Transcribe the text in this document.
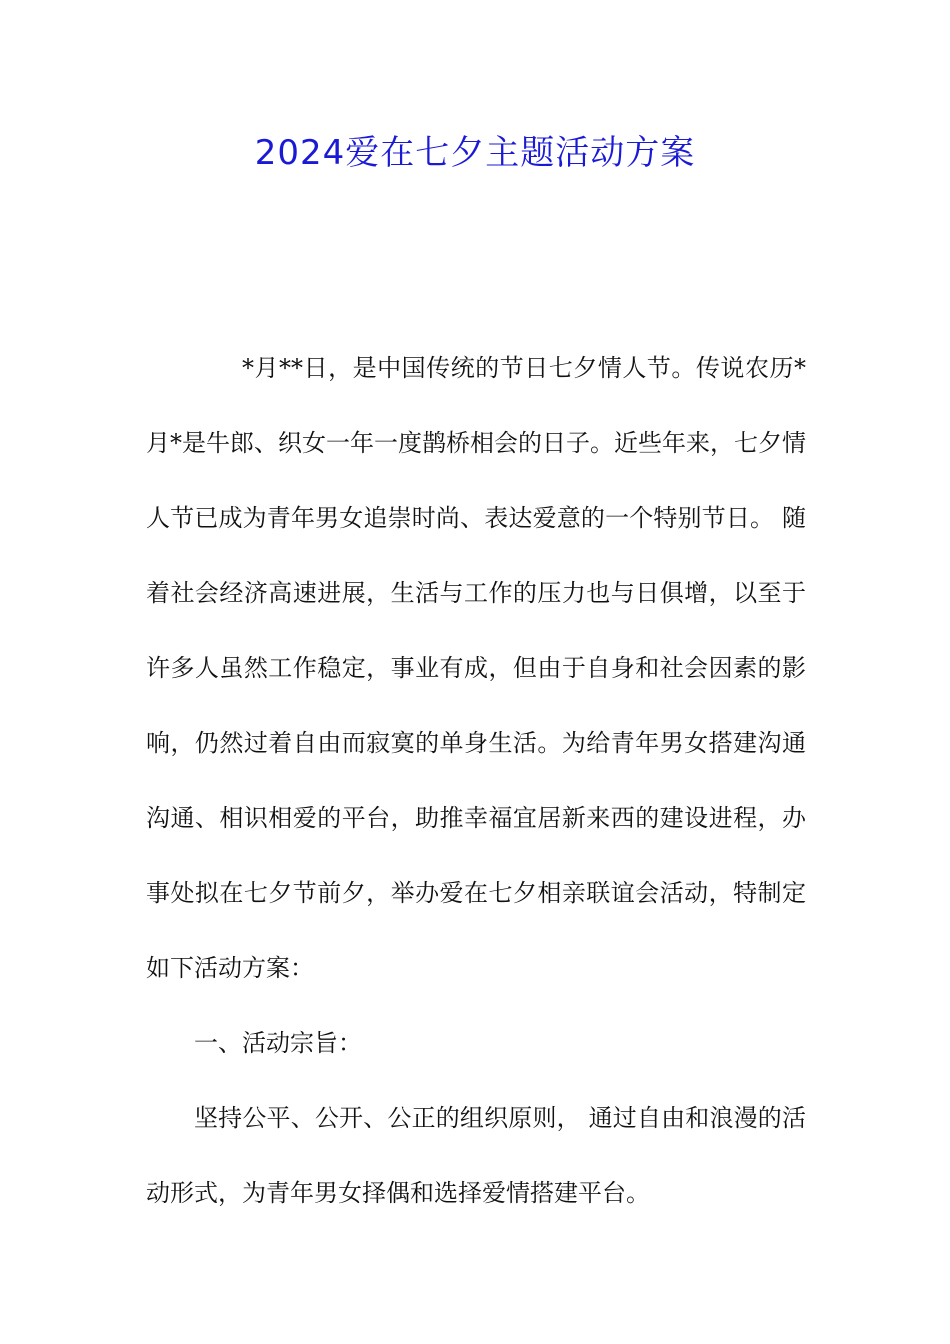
2024爱在七夕主题活动方案

*月**日，是中国传统的节日七夕情人节。传说农历*月*是牛郎、织女一年一度鹊桥相会的日子。近些年来，七夕情人节已成为青年男女追崇时尚、表达爱意的一个特别节日。 随着社会经济高速进展，生活与工作的压力也与日俱增，以至于许多人虽然工作稳定，事业有成，但由于自身和社会因素的影响，仍然过着自由而寂寞的单身生活。为给青年男女搭建沟通沟通、相识相爱的平台，助推幸福宜居新来西的建设进程，办事处拟在七夕节前夕，举办爱在七夕相亲联谊会活动，特制定如下活动方案：

一、活动宗旨：

坚持公平、公开、公正的组织原则， 通过自由和浪漫的活动形式，为青年男女择偶和选择爱情搭建平台。
